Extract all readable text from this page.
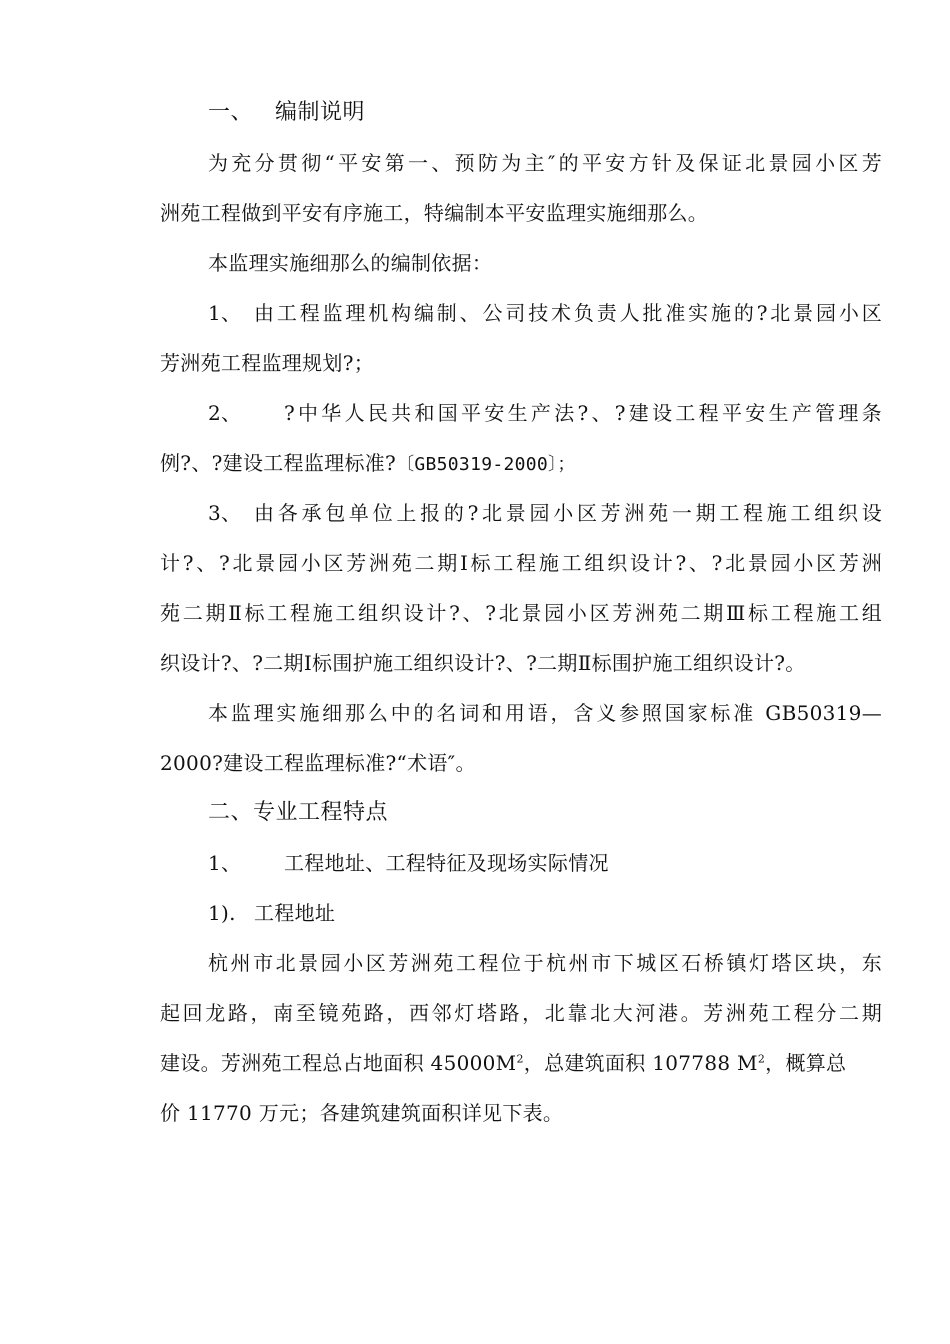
一、 编制说明
为充分贯彻“平安第一、预防为主″的平安方针及保证北景园小区芳
洲苑工程做到平安有序施工，特编制本平安监理实施细那么。
本监理实施细那么的编制依据：
1、 由工程监理机构编制、公司技术负责人批准实施的?北景园小区
芳洲苑工程监理规划?；
2、 ?中华人民共和国平安生产法?、?建设工程平安生产管理条
例?、?建设工程监理标准?〔GB50319-2000〕；
3、 由各承包单位上报的?北景园小区芳洲苑一期工程施工组织设
计?、?北景园小区芳洲苑二期Ⅰ标工程施工组织设计?、?北景园小区芳洲
苑二期Ⅱ标工程施工组织设计?、?北景园小区芳洲苑二期Ⅲ标工程施工组
织设计?、?二期Ⅰ标围护施工组织设计?、?二期Ⅱ标围护施工组织设计?。
本监理实施细那么中的名词和用语，含义参照国家标准 GB50319—
2000?建设工程监理标准?“术语″。
二、专业工程特点
1、 工程地址、工程特征及现场实际情况
1). 工程地址
杭州市北景园小区芳洲苑工程位于杭州市下城区石桥镇灯塔区块，东
起回龙路，南至镜苑路，西邻灯塔路，北靠北大河港。芳洲苑工程分二期
建设。芳洲苑工程总占地面积 $45000M^2$，总建筑面积 107788 $M^2$，概算总
价 11770 万元；各建筑建筑面积详见下表。
